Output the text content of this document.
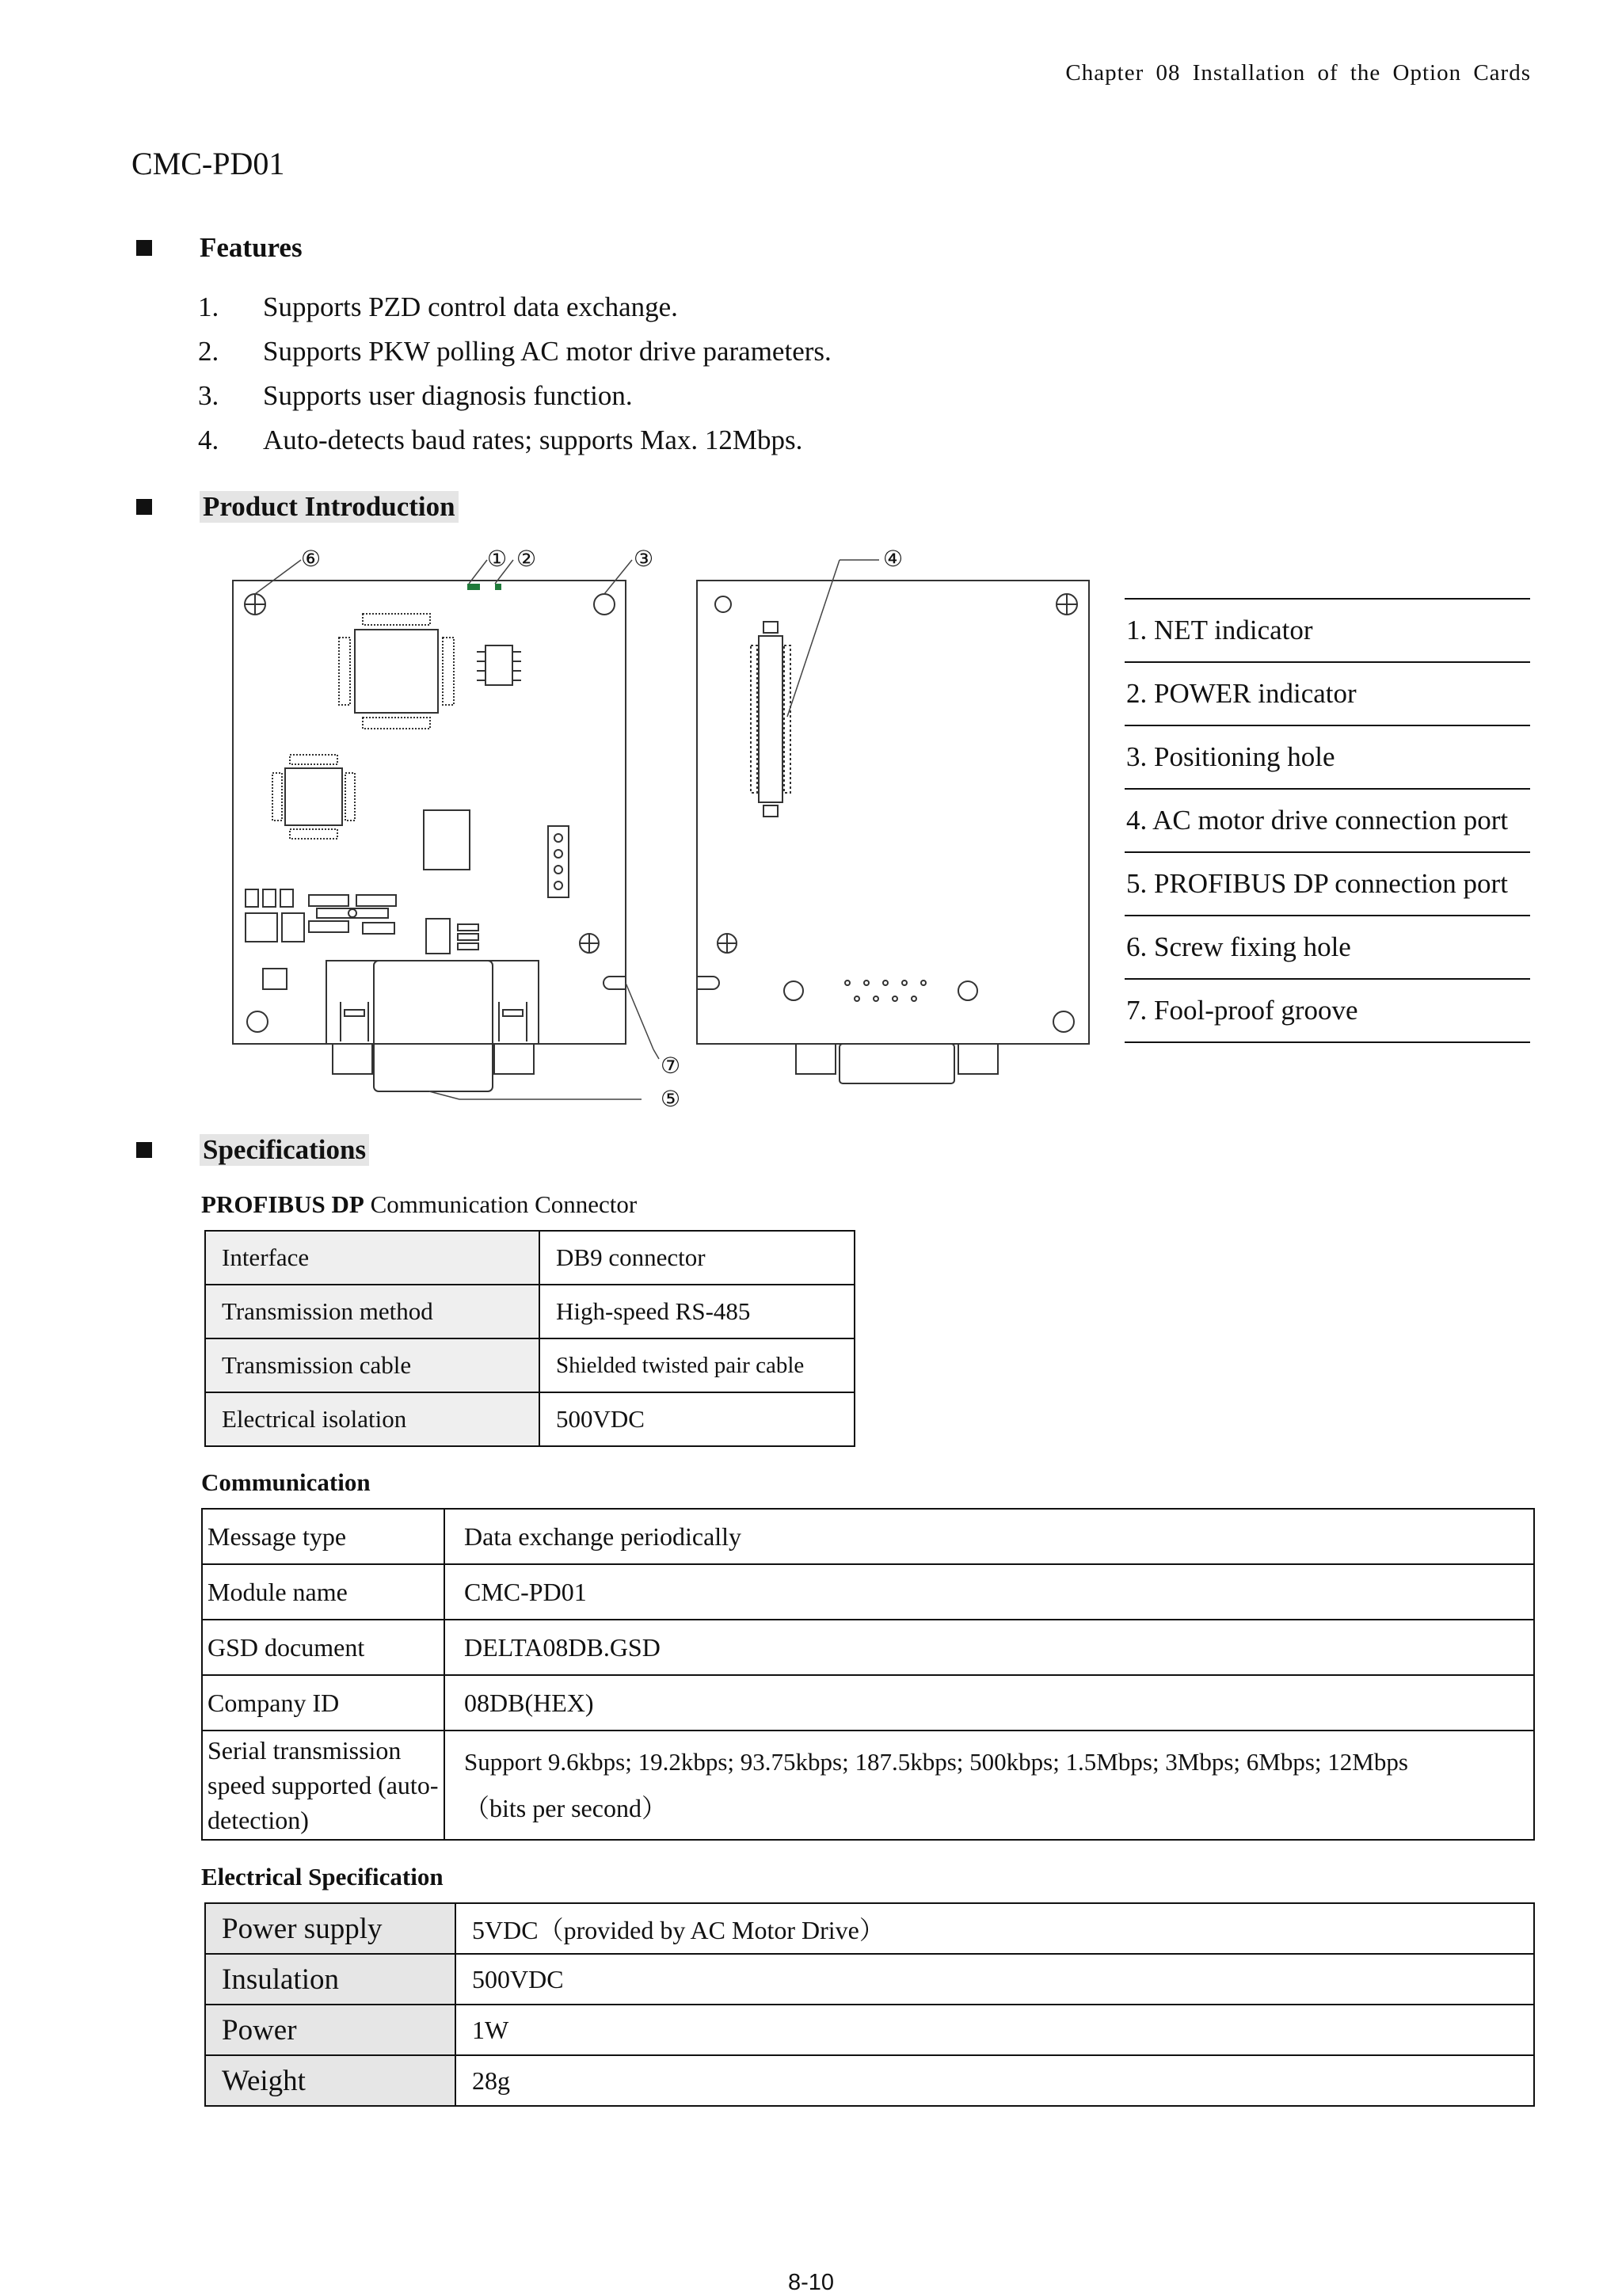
Chapter 08 Installation of the Option Cards
CMC-PD01
Features
1.	Supports PZD control data exchange.
2.	Supports PKW polling AC motor drive parameters.
3.	Supports user diagnosis function.
4.	Auto-detects baud rates; supports Max. 12Mbps.
Product Introduction
⑥	① ②	③	④
⑦
⑤
1. NET indicator
2. POWER indicator
3. Positioning hole
4. AC motor drive connection port
5. PROFIBUS DP connection port
6. Screw fixing hole
7. Fool-proof groove
Specifications
PROFIBUS DP Communication Connector
Interface	DB9 connector
Transmission method	High-speed RS-485
Transmission cable	Shielded twisted pair cable
Electrical isolation	500VDC
Communication
Message type	Data exchange periodically
Module name	CMC-PD01
GSD document	DELTA08DB.GSD
Company ID	08DB(HEX)
Serial transmission speed supported (auto-detection)	Support 9.6kbps; 19.2kbps; 93.75kbps; 187.5kbps; 500kbps; 1.5Mbps; 3Mbps; 6Mbps; 12Mbps
（bits per second）
Electrical Specification
Power supply	5VDC（provided by AC Motor Drive）
Insulation	500VDC
Power	1W
Weight	28g
8-10
